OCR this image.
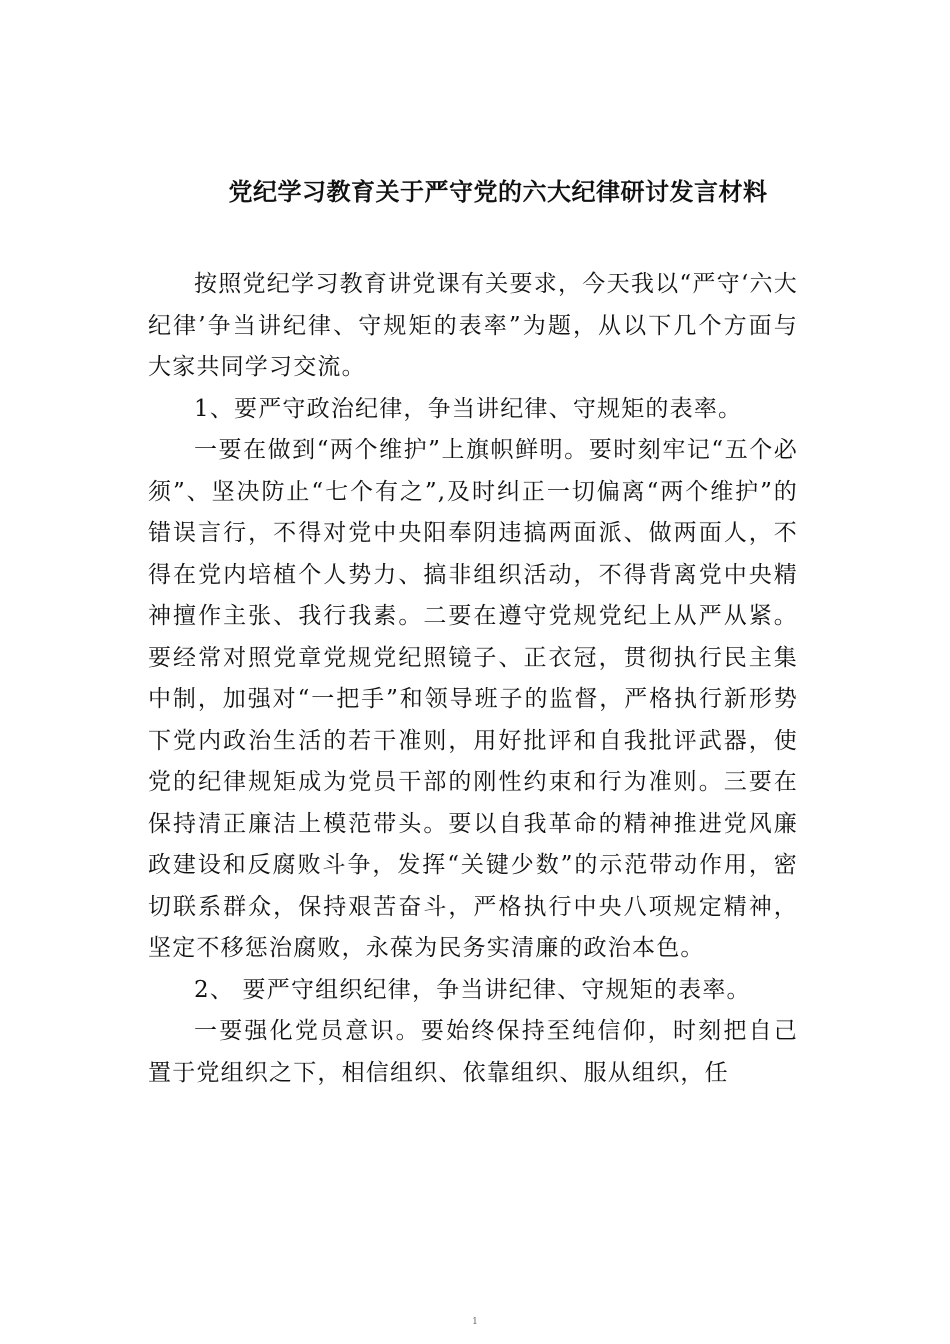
党纪学习教育关于严守党的六大纪律研讨发言材料

按照党纪学习教育讲党课有关要求，今天我以“严守‘六大纪律’争当讲纪律、守规矩的表率”为题，从以下几个方面与大家共同学习交流。

1、要严守政治纪律，争当讲纪律、守规矩的表率。

一要在做到“两个维护”上旗帜鲜明。要时刻牢记“五个必须”、坚决防止“七个有之”,及时纠正一切偏离“两个维护”的错误言行，不得对党中央阳奉阴违搞两面派、做两面人，不得在党内培植个人势力、搞非组织活动，不得背离党中央精神擅作主张、我行我素。二要在遵守党规党纪上从严从紧。要经常对照党章党规党纪照镜子、正衣冠，贯彻执行民主集中制，加强对“一把手”和领导班子的监督，严格执行新形势下党内政治生活的若干准则，用好批评和自我批评武器，使党的纪律规矩成为党员干部的刚性约束和行为准则。三要在保持清正廉洁上模范带头。要以自我革命的精神推进党风廉政建设和反腐败斗争，发挥“关键少数”的示范带动作用，密切联系群众，保持艰苦奋斗，严格执行中央八项规定精神，坚定不移惩治腐败，永葆为民务实清廉的政治本色。

2、 要严守组织纪律，争当讲纪律、守规矩的表率。

一要强化党员意识。要始终保持至纯信仰，时刻把自己置于党组织之下，相信组织、依靠组织、服从组织，任

1
